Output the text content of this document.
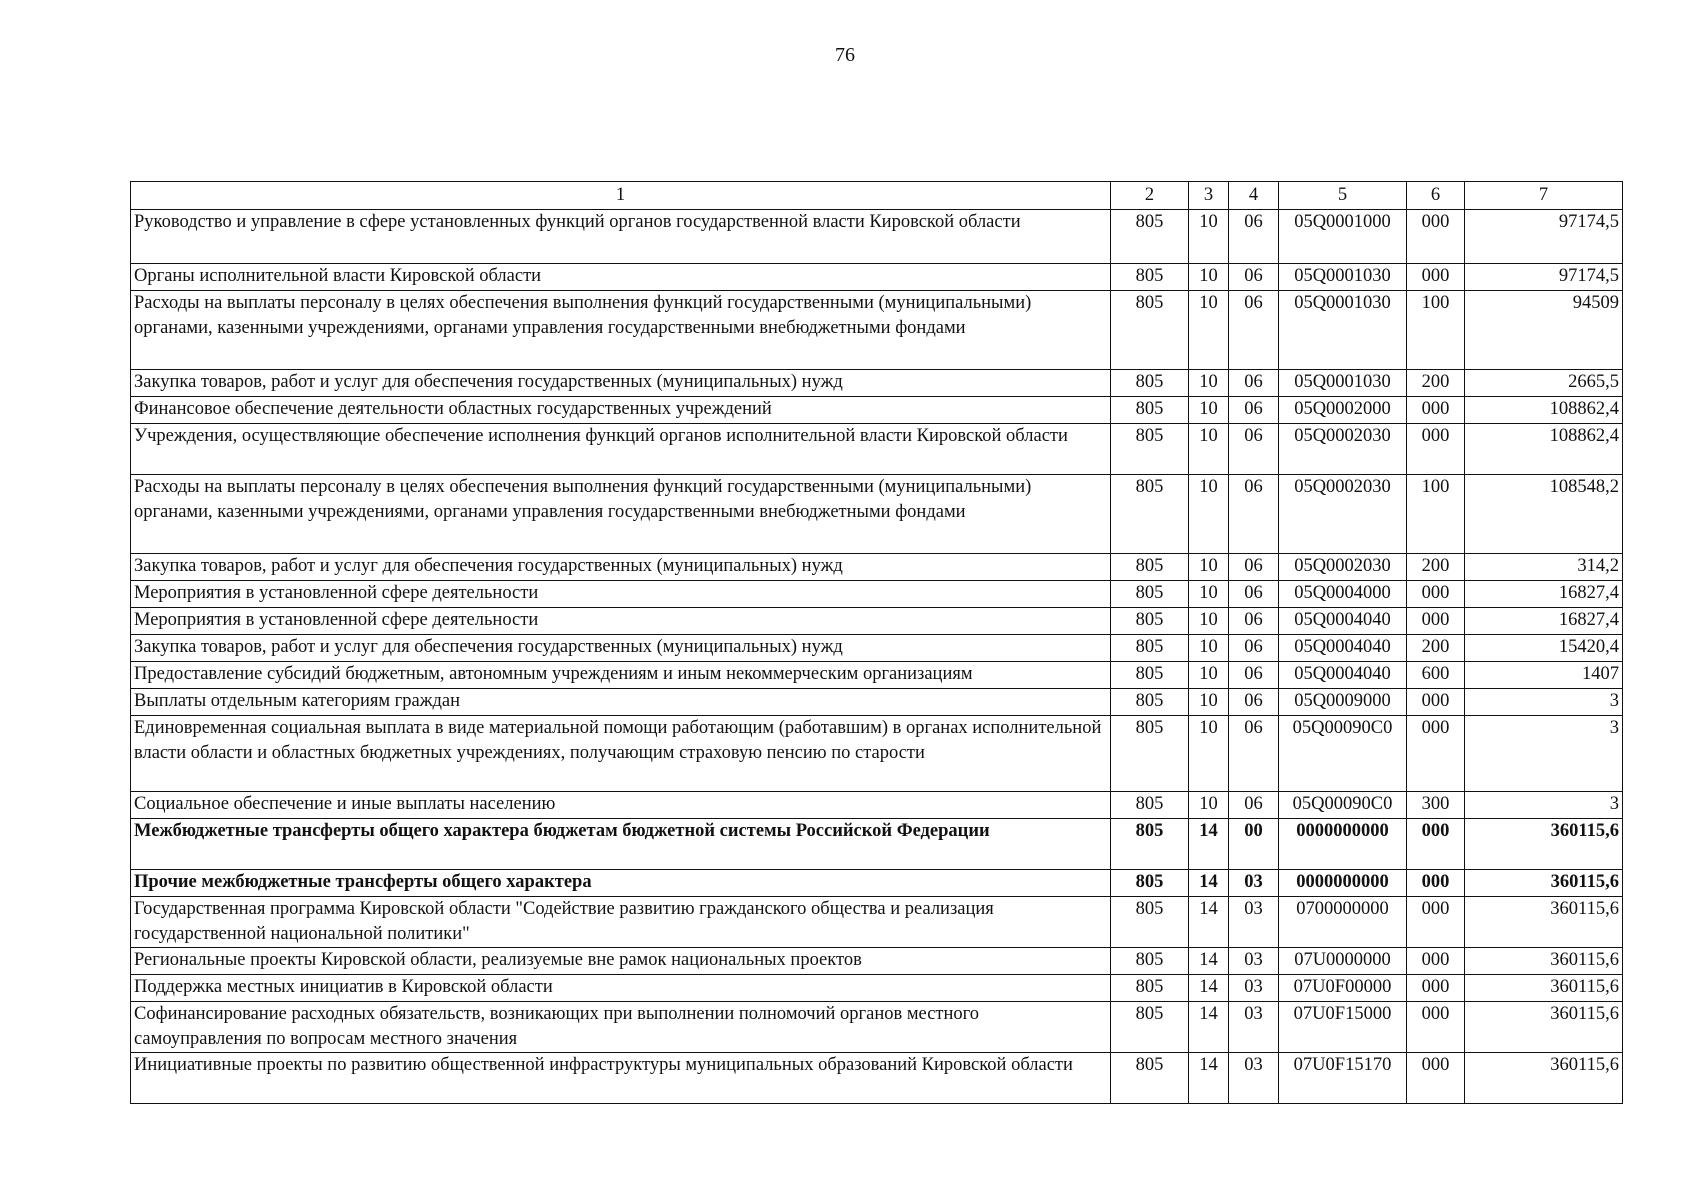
76
1	2	3	4	5	6	7
Руководство и управление в сфере установленных функций органов государственной власти Кировской области	805	10	06	05Q0001000	000	97174,5
Органы исполнительной власти Кировской области	805	10	06	05Q0001030	000	97174,5
Расходы на выплаты персоналу в целях обеспечения выполнения функций государственными (муниципальными) органами, казенными учреждениями, органами управления государственными внебюджетными фондами	805	10	06	05Q0001030	100	94509
Закупка товаров, работ и услуг для обеспечения государственных (муниципальных) нужд	805	10	06	05Q0001030	200	2665,5
Финансовое обеспечение деятельности областных государственных учреждений	805	10	06	05Q0002000	000	108862,4
Учреждения, осуществляющие обеспечение исполнения функций органов исполнительной власти Кировской области	805	10	06	05Q0002030	000	108862,4
Расходы на выплаты персоналу в целях обеспечения выполнения функций государственными (муниципальными) органами, казенными учреждениями, органами управления государственными внебюджетными фондами	805	10	06	05Q0002030	100	108548,2
Закупка товаров, работ и услуг для обеспечения государственных (муниципальных) нужд	805	10	06	05Q0002030	200	314,2
Мероприятия в установленной сфере деятельности	805	10	06	05Q0004000	000	16827,4
Мероприятия в установленной сфере деятельности	805	10	06	05Q0004040	000	16827,4
Закупка товаров, работ и услуг для обеспечения государственных (муниципальных) нужд	805	10	06	05Q0004040	200	15420,4
Предоставление субсидий бюджетным, автономным учреждениям и иным некоммерческим организациям	805	10	06	05Q0004040	600	1407
Выплаты отдельным категориям граждан	805	10	06	05Q0009000	000	3
Единовременная социальная выплата в виде материальной помощи работающим (работавшим) в органах исполнительной власти области и областных бюджетных учреждениях, получающим страховую пенсию по старости	805	10	06	05Q00090C0	000	3
Социальное обеспечение и иные выплаты населению	805	10	06	05Q00090C0	300	3
Межбюджетные трансферты общего характера бюджетам бюджетной системы Российской Федерации	805	14	00	0000000000	000	360115,6
Прочие межбюджетные трансферты общего характера	805	14	03	0000000000	000	360115,6
Государственная программа Кировской области "Содействие развитию гражданского общества и реализация государственной национальной политики"	805	14	03	0700000000	000	360115,6
Региональные проекты Кировской области, реализуемые вне рамок национальных проектов	805	14	03	07U0000000	000	360115,6
Поддержка местных инициатив в Кировской области	805	14	03	07U0F00000	000	360115,6
Софинансирование расходных обязательств, возникающих при выполнении полномочий органов местного самоуправления по вопросам местного значения	805	14	03	07U0F15000	000	360115,6
Инициативные проекты по развитию общественной инфраструктуры муниципальных образований Кировской области	805	14	03	07U0F15170	000	360115,6
